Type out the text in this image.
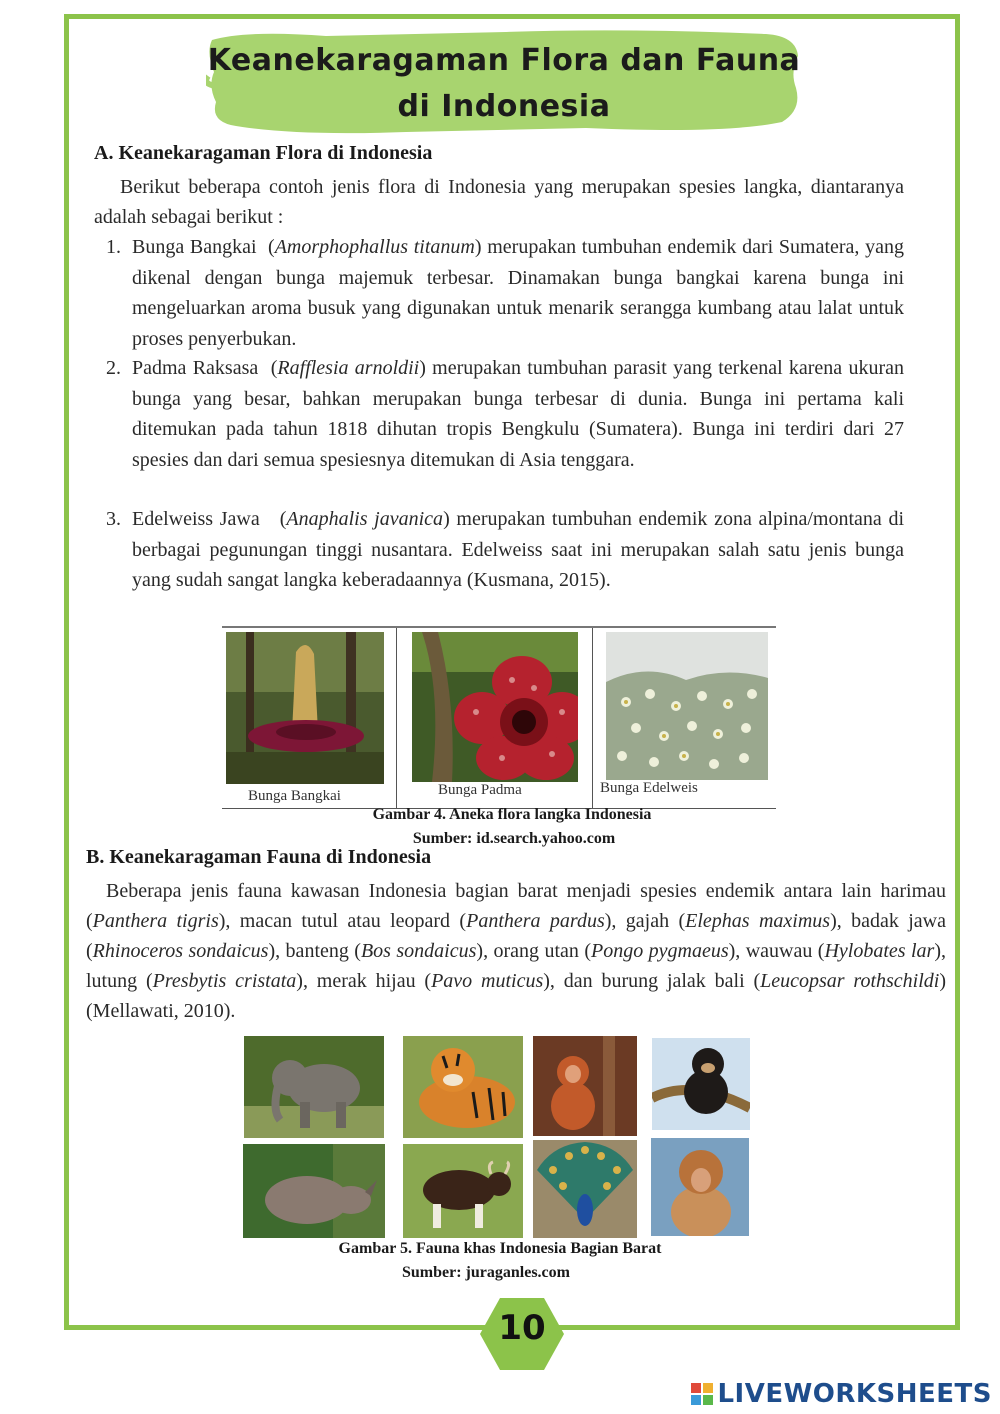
Keanekaragaman Flora dan Fauna
di Indonesia
A. Keanekaragaman Flora di Indonesia
Berikut beberapa contoh jenis flora di Indonesia yang merupakan spesies langka, diantaranya adalah sebagai berikut :
1. Bunga Bangkai  (Amorphophallus titanum) merupakan tumbuhan endemik dari Sumatera, yang dikenal dengan bunga majemuk terbesar. Dinamakan bunga bangkai karena bunga ini mengeluarkan aroma busuk yang digunakan untuk menarik serangga kumbang atau lalat untuk proses penyerbukan.
2. Padma Raksasa  (Rafflesia arnoldii) merupakan tumbuhan parasit yang terkenal karena ukuran bunga yang besar, bahkan merupakan bunga terbesar di dunia. Bunga ini pertama kali ditemukan pada tahun 1818 dihutan tropis Bengkulu (Sumatera). Bunga ini terdiri dari 27 spesies dan dari semua spesiesnya ditemukan di Asia tenggara.
3. Edelweiss Jawa   (Anaphalis javanica) merupakan tumbuhan endemik zona alpina/montana di berbagai pegunungan tinggi nusantara. Edelweiss saat ini merupakan salah satu jenis bunga yang sudah sangat langka keberadaannya (Kusmana, 2015).
Bunga Bangkai	Bunga Padma	Bunga Edelweis
Gambar 4. Aneka flora langka Indonesia
Sumber: id.search.yahoo.com
B. Keanekaragaman Fauna di Indonesia
Beberapa jenis fauna kawasan Indonesia bagian barat menjadi spesies endemik antara lain harimau (Panthera tigris), macan tutul atau leopard (Panthera pardus), gajah (Elephas maximus), badak jawa (Rhinoceros sondaicus), banteng (Bos sondaicus), orang utan (Pongo pygmaeus), wauwau (Hylobates lar), lutung (Presbytis cristata), merak hijau (Pavo muticus), dan burung jalak bali (Leucopsar rothschildi) (Mellawati, 2010).
Gambar 5. Fauna khas Indonesia Bagian Barat
Sumber: juraganles.com
10
LIVEWORKSHEETS
